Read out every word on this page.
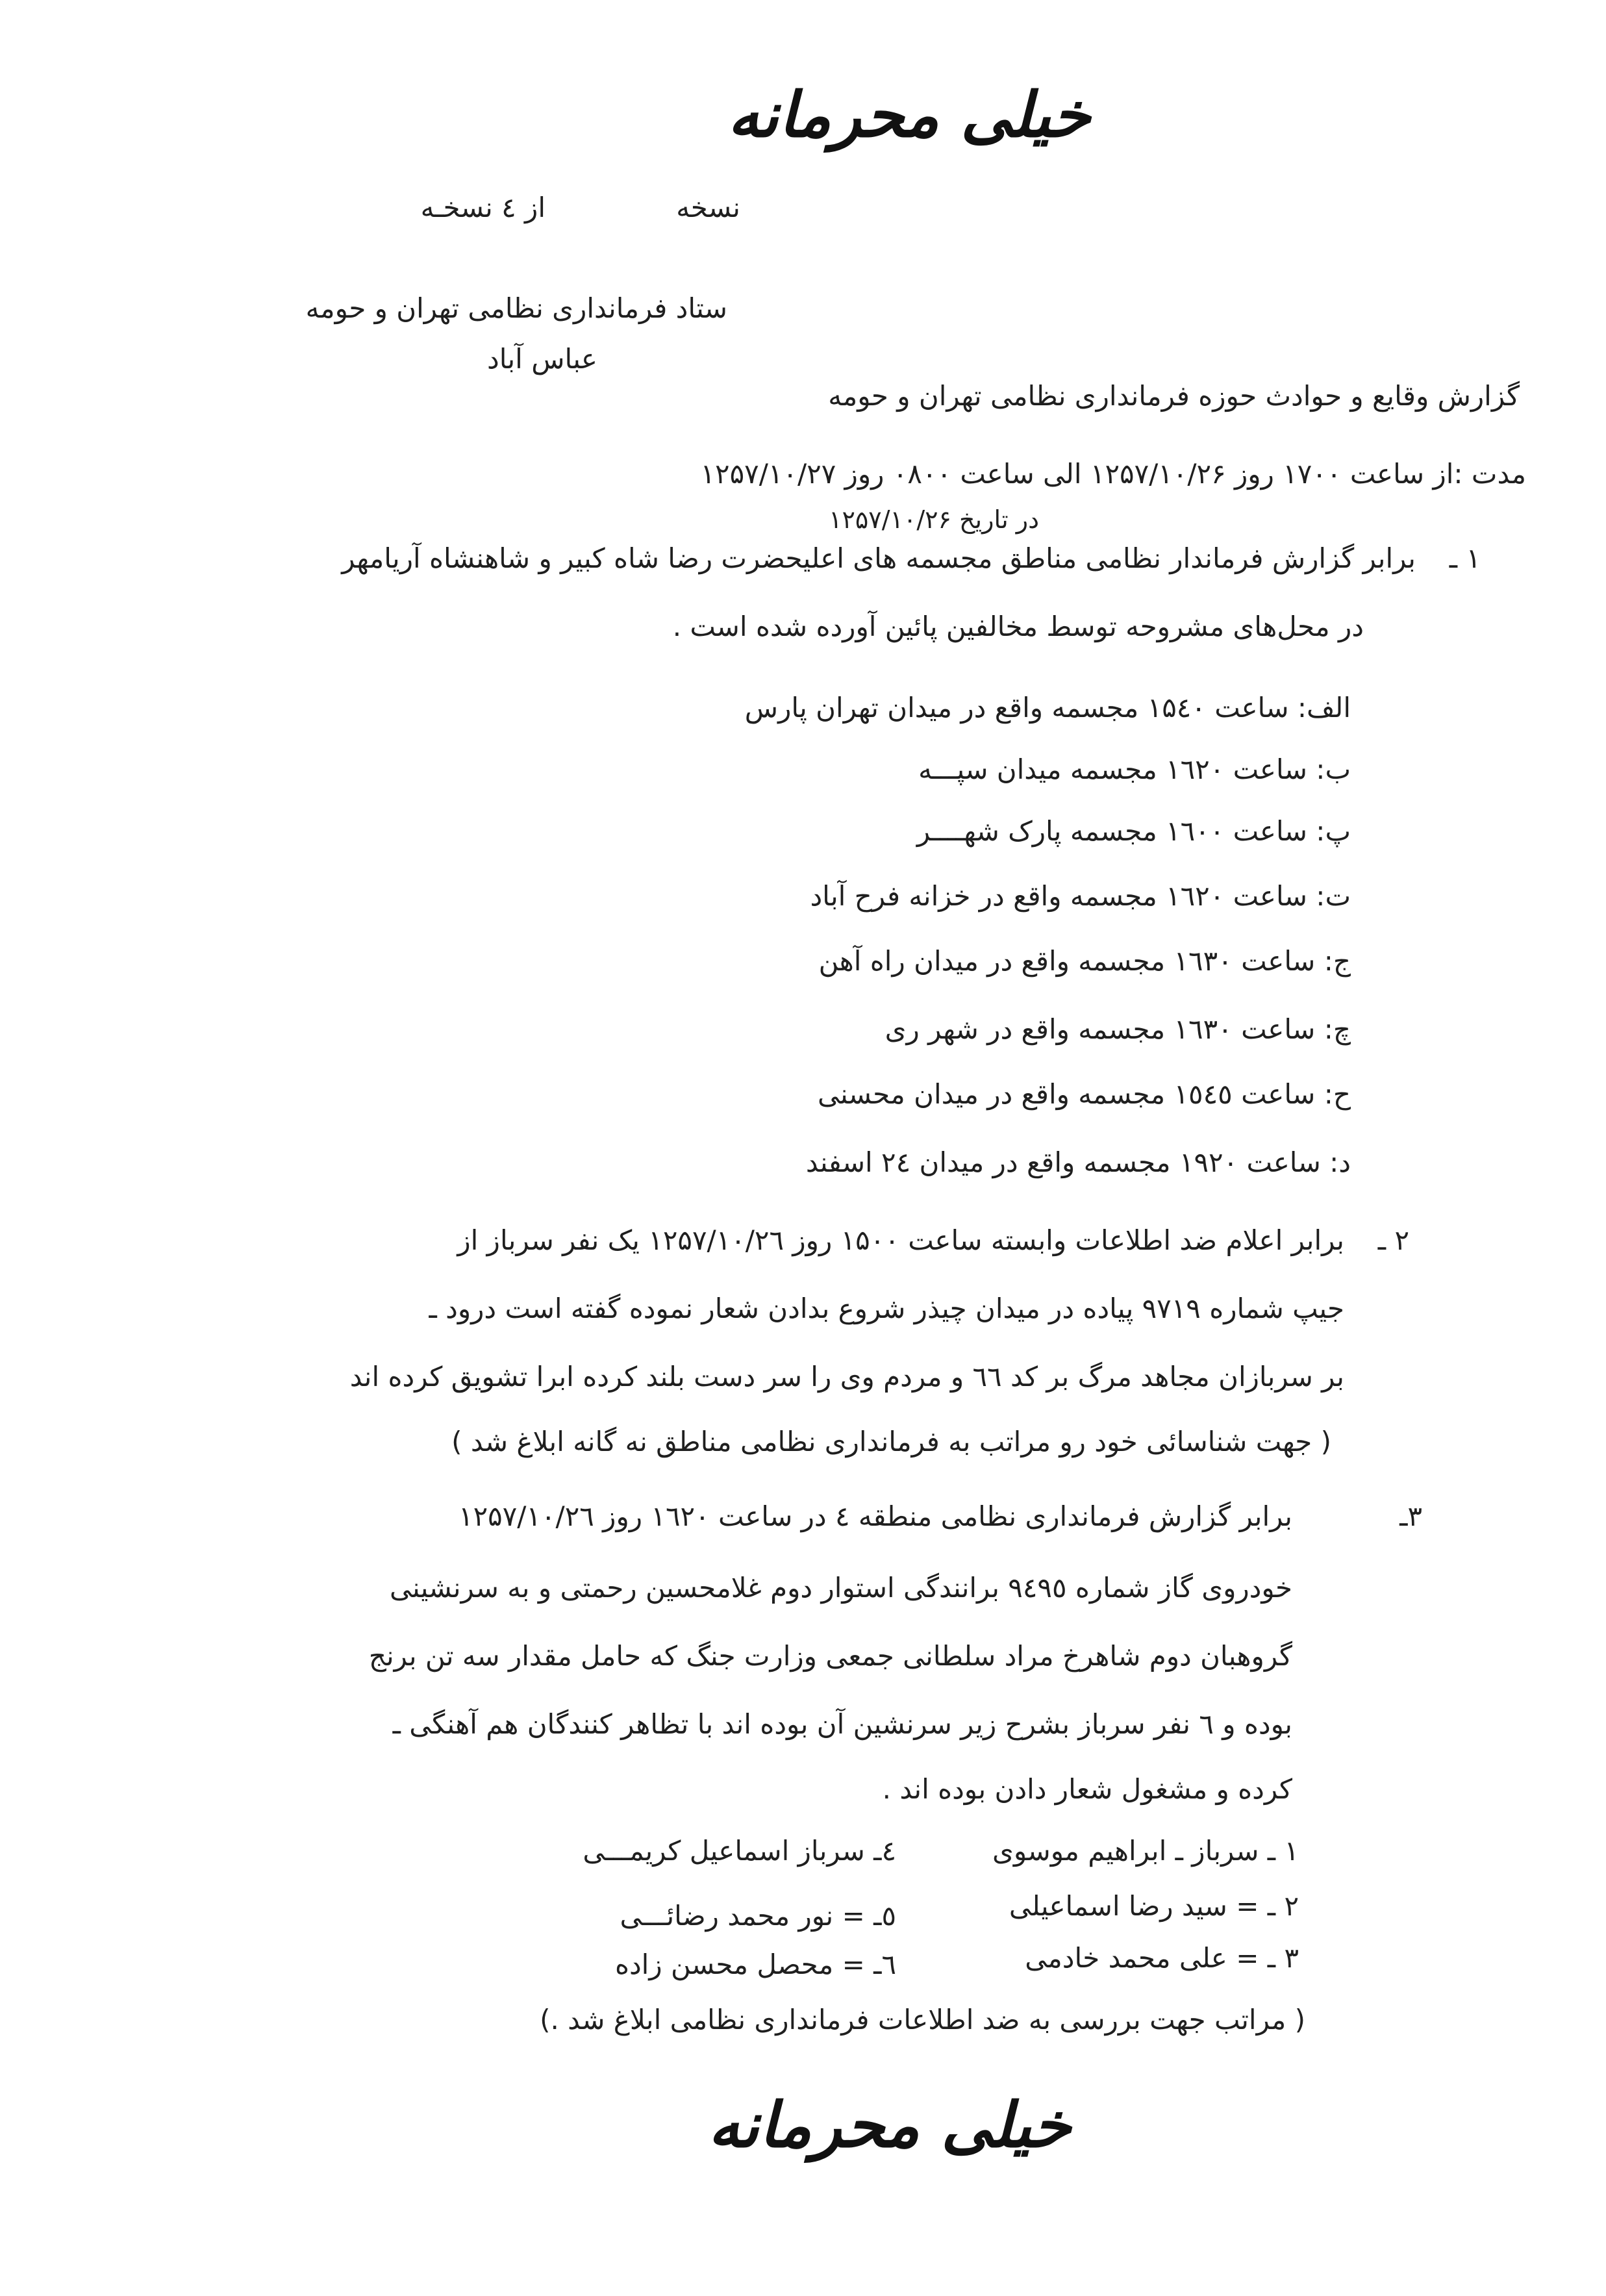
خیلی محرمانه
نسخه
از ٤ نسخـه
ستاد فرمانداری نظامی تهران و حومه
عباس آباد
گزارش وقایع و حوادث حوزه فرمانداری نظامی تهران و حومه
مدت :از ساعت ۱۷۰۰ روز ۱۲۵۷/۱۰/۲۶ الی ساعت ۰۸۰۰ روز ۱۲۵۷/۱۰/۲۷
در تاریخ ۱۲۵۷/۱۰/۲۶
۱ ـ
برابر گزارش فرماندار نظامی مناطق مجسمه های اعلیحضرت رضا شاه کبیر و شاهنشاه آریامهر
در محل‌های مشروحه توسط مخالفین پائین آورده شده است .
الف: ساعت ۱۵٤۰ مجسمه واقع در میدان تهران پارس
ب: ساعت ۱٦٢۰ مجسمه میدان سپـــه
پ: ساعت ۱٦۰۰ مجسمه پارک شهــــر
ت: ساعت ۱٦٢۰ مجسمه واقع در خزانه فرح آباد
ج: ساعت ۱٦٣۰ مجسمه واقع در میدان راه آهن
چ: ساعت ۱٦٣۰ مجسمه واقع در شهر ری
ح: ساعت ۱٥٤٥ مجسمه واقع در میدان محسنی
د: ساعت ۱۹٢۰ مجسمه واقع در میدان ٢٤ اسفند
٢ ـ
برابر اعلام ضد اطلاعات وابسته ساعت ۱۵۰۰ روز ۱۲۵۷/۱۰/۲٦ یک نفر سرباز از
جیپ شماره ۹۷۱۹ پیاده در میدان چیذر شروع بدادن شعار نموده گفته است درود ـ
بر سربازان مجاهد مرگ بر کد ٦٦ و مردم وی را سر دست بلند کرده ابرا تشویق کرده اند
( جهت شناسائی خود رو مراتب به فرمانداری نظامی مناطق نه گانه ابلاغ شد )
٣ـ
برابر گزارش فرمانداری نظامی منطقه ٤ در ساعت ۱٦٢۰ روز ۱۲۵۷/۱۰/۲٦
خودروی گاز شماره ۹٤٩٥ برانندگی استوار دوم غلامحسین رحمتی و به سرنشینی
گروهبان دوم شاهرخ مراد سلطانی جمعی وزارت جنگ که حامل مقدار سه تن برنج
بوده و ٦ نفر سرباز بشرح زیر سرنشین آن بوده اند با تظاهر کنندگان هم آهنگی ـ
کرده و مشغول شعار دادن بوده اند .
۱ ـ سرباز ـ ابراهیم موسوی
٢ ـ = سید رضا اسماعیلی
٣ ـ = علی محمد خادمی
٤ـ سرباز اسماعیل کریمـــی
٥ـ = نور محمد رضائـــی
٦ـ = محصل محسن زاده
( مراتب جهت بررسی به ضد اطلاعات فرمانداری نظامی ابلاغ شد .)
خیلی محرمانه
